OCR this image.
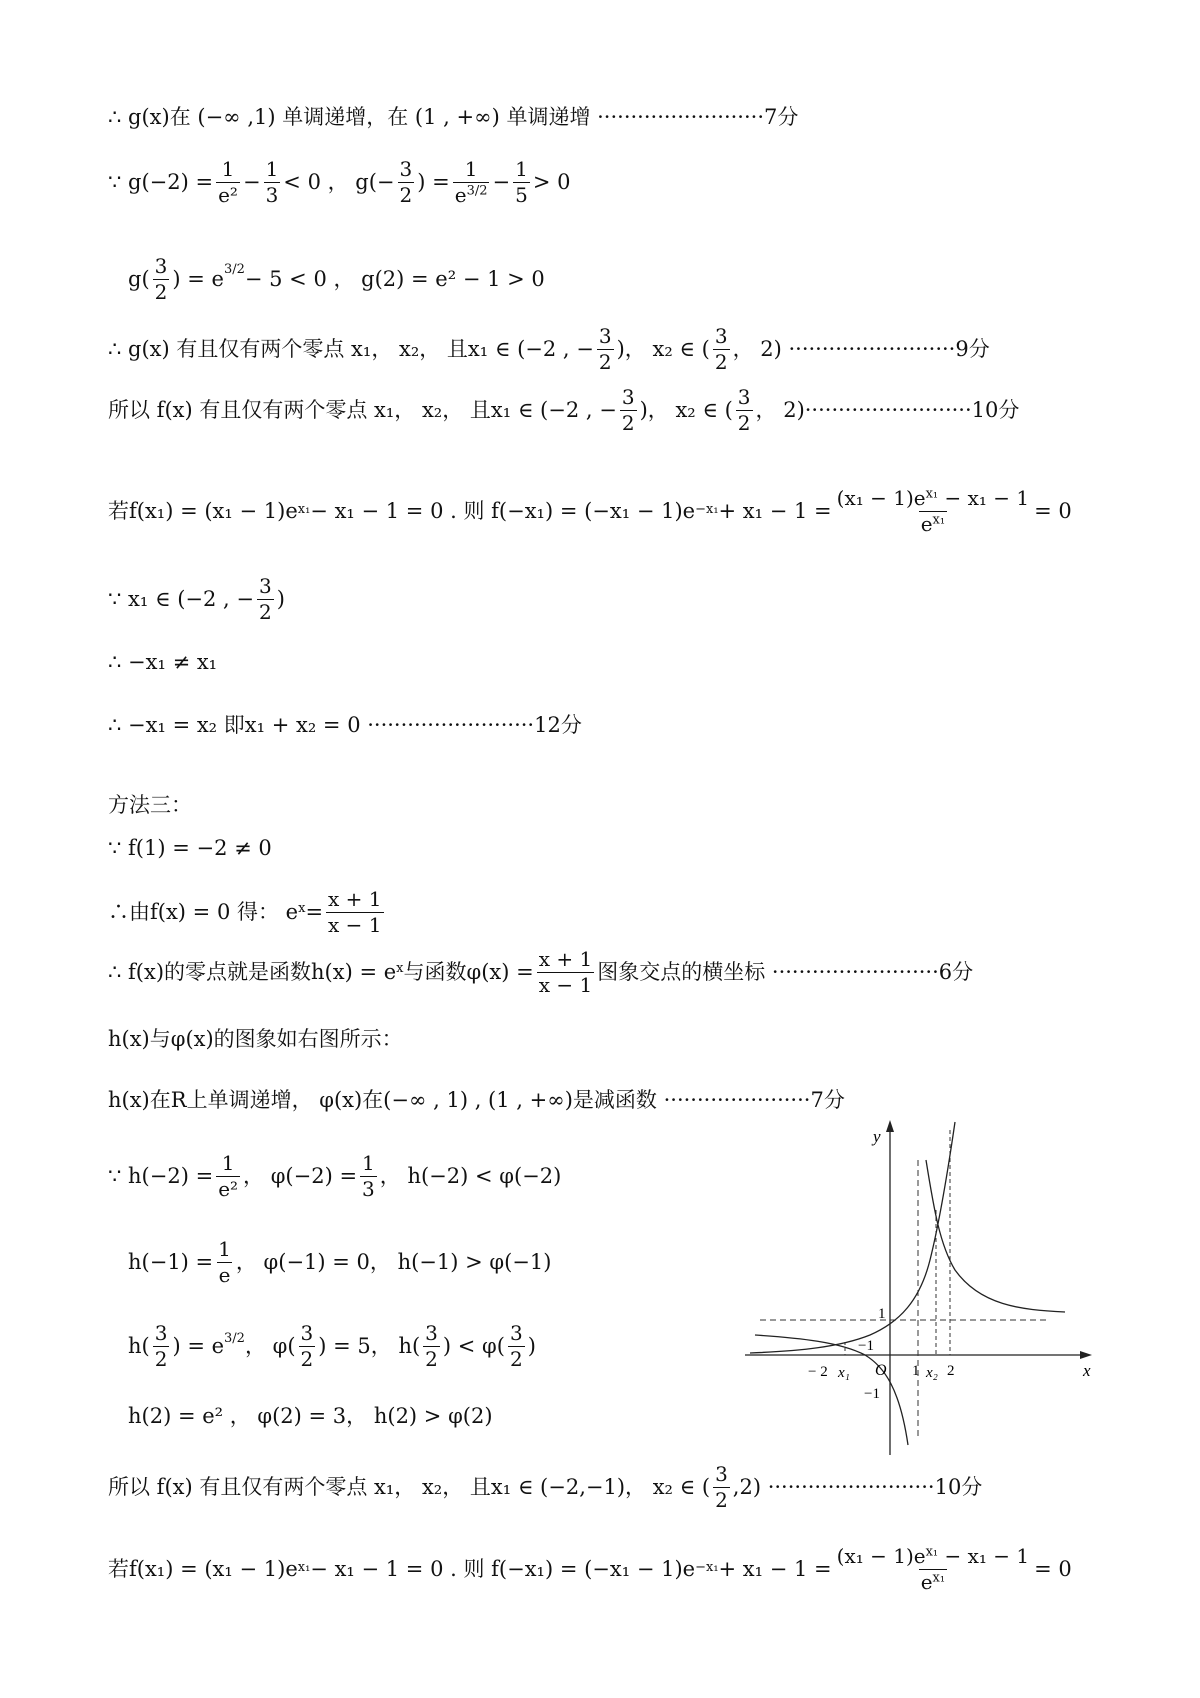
∴ g(x)在 (−∞ ,1) 单调递增，在 (1 , +∞) 单调递增 ·························7分
∵ $g(-2) = \frac{1}{\text{e²}} - \frac{1}{3} < 0$ ， $g(- \frac{3}{2}$ ) = $\frac{1}{e^{3/2}} - \frac{1}{5} > 0$
g(
3
2
) = $e^{3/2} - 5 < 0$ ， g(2) = e² − 1 > 0
∴ g(x) 有且仅有两个零点 x₁， x₂， 且x₁ ∈ (−2 , − $\frac{3}{2}$ )， x₂ ∈ (
3
2
， 2) ·························9分
所以 f(x) 有且仅有两个零点 x₁， x₂， 且x₁ ∈ (−2 , − $\frac{3}{2}$ )， x₂ ∈ (
3
2
， 2)·························10分
若f(x₁) = (x₁ − 1)e x₁ − x₁ − 1 = 0 . 则 $f(-x_1) = (-x_1 - 1)e -x_1 + x_1 - 1 = \frac{(x_1 - 1)e^{x_1} - x_1 - 1}{e^{x_1}} = 0$
∵ x₁ ∈ (−2 , − $\frac{3}{2}$ )
∴ −x₁ ≠ x₁
∴ −x₁ = x₂ 即x₁ + x₂ = 0 ·························12分
方法三：
∵ f(1) = −2 ≠ 0
∴由f(x) = 0 得： e $x = \frac{x + 1}{x - 1}$
∴ f(x)的零点就是函数h(x) = e x 与函数$\varphi(x) = \frac{x + 1}{x - 1}$ 图象交点的横坐标 ·························6分
h(x)与φ(x)的图象如右图所示：
h(x)在R上单调递增， φ(x)在(−∞ , 1) , (1 , +∞)是减函数 ······················7分
∵ $h(-2) = \frac{1}{\text{e²}}$ ， $\varphi(-2) = \frac{1}{3}$ ， h(−2) < φ(−2)
$h(-1) = \frac{1}{e}$ ， φ(−1) = 0， h(−1) > φ(−1)
h(
3
2
) = $e^{3/2}$ ， φ(
3
2
) = 5， h(
3
2
) < φ(
3
2
)
h(2) = e² ， φ(2) = 3， h(2) > φ(2)
所以 f(x) 有且仅有两个零点 x₁， x₂， 且x₁ ∈ (−2,−1)， x₂ ∈ (
3
2
,2) ·························10分
若f(x₁) = (x₁ − 1)e x₁ − x₁ − 1 = 0 . 则 $f(-x_1) = (-x_1 - 1)e -x_1 + x_1 - 1 = \frac{(x_1 - 1)e^{x_1} - x_1 - 1}{e^{x_1}} = 0$
y
x
O
1
−1
− 2 x₁
−1
1 x₂ 2
